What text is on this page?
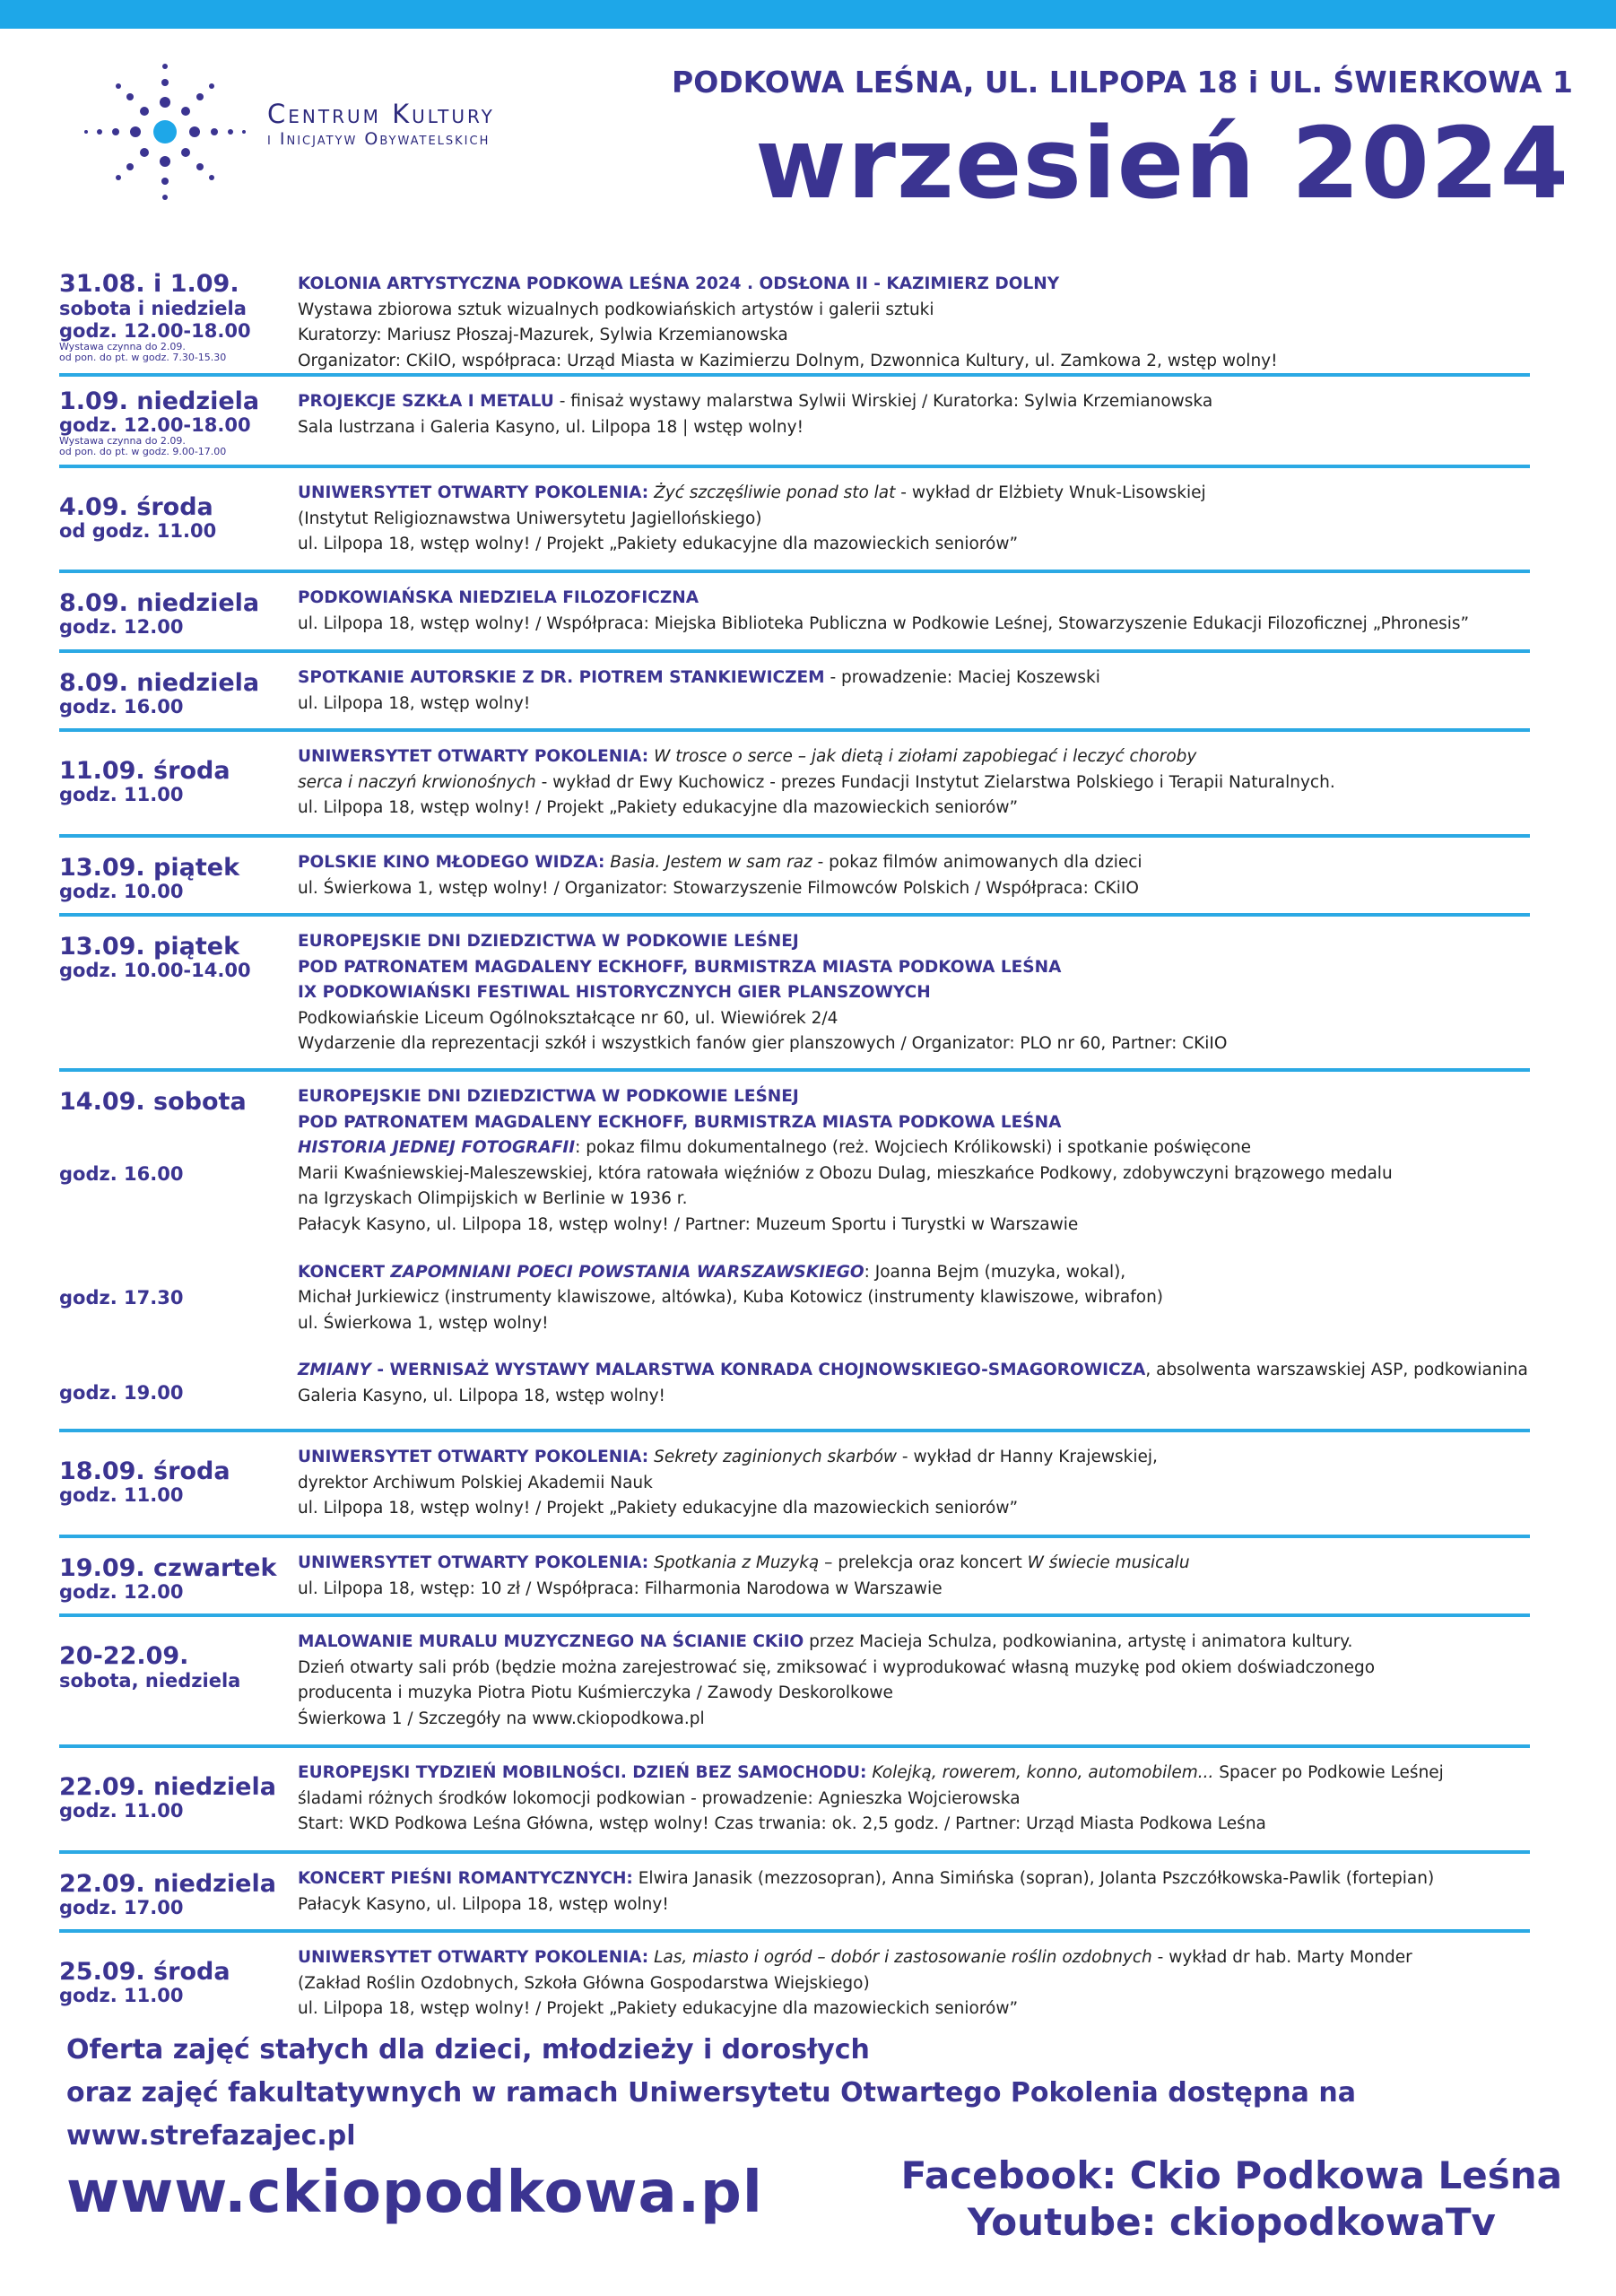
Centrum Kultury
i Inicjatyw Obywatelskich
PODKOWA LEŚNA, UL. LILPOPA 18 i UL. ŚWIERKOWA 1
wrzesień 2024
31.08. i 1.09.
sobota i niedziela
godz. 12.00-18.00
Wystawa czynna do 2.09.
od pon. do pt. w godz. 7.30-15.30
KOLONIA ARTYSTYCZNA PODKOWA LEŚNA 2024 . ODSŁONA II - KAZIMIERZ DOLNY
Wystawa zbiorowa sztuk wizualnych podkowiańskich artystów i galerii sztuki
Kuratorzy: Mariusz Płoszaj-Mazurek, Sylwia Krzemianowska
Organizator: CKiIO, współpraca: Urząd Miasta w Kazimierzu Dolnym, Dzwonnica Kultury, ul. Zamkowa 2, wstęp wolny!
1.09. niedziela
godz. 12.00-18.00
Wystawa czynna do 2.09.
od pon. do pt. w godz. 9.00-17.00
PROJEKCJE SZKŁA I METALU - finisaż wystawy malarstwa Sylwii Wirskiej / Kuratorka: Sylwia Krzemianowska
Sala lustrzana i Galeria Kasyno, ul. Lilpopa 18 | wstęp wolny!
4.09. środa
od godz. 11.00
UNIWERSYTET OTWARTY POKOLENIA: Żyć szczęśliwie ponad sto lat - wykład dr Elżbiety Wnuk-Lisowskiej
(Instytut Religioznawstwa Uniwersytetu Jagiellońskiego)
ul. Lilpopa 18, wstęp wolny! / Projekt „Pakiety edukacyjne dla mazowieckich seniorów”
8.09. niedziela
godz. 12.00
PODKOWIAŃSKA NIEDZIELA FILOZOFICZNA
ul. Lilpopa 18, wstęp wolny! / Współpraca: Miejska Biblioteka Publiczna w Podkowie Leśnej, Stowarzyszenie Edukacji Filozoficznej „Phronesis”
8.09. niedziela
godz. 16.00
SPOTKANIE AUTORSKIE Z DR. PIOTREM STANKIEWICZEM - prowadzenie: Maciej Koszewski
ul. Lilpopa 18, wstęp wolny!
11.09. środa
godz. 11.00
UNIWERSYTET OTWARTY POKOLENIA: W trosce o serce – jak dietą i ziołami zapobiegać i leczyć choroby
serca i naczyń krwionośnych - wykład dr Ewy Kuchowicz - prezes Fundacji Instytut Zielarstwa Polskiego i Terapii Naturalnych.
ul. Lilpopa 18, wstęp wolny! / Projekt „Pakiety edukacyjne dla mazowieckich seniorów”
13.09. piątek
godz. 10.00
POLSKIE KINO MŁODEGO WIDZA: Basia. Jestem w sam raz - pokaz filmów animowanych dla dzieci
ul. Świerkowa 1, wstęp wolny! / Organizator: Stowarzyszenie Filmowców Polskich / Współpraca: CKiIO
13.09. piątek
godz. 10.00-14.00
EUROPEJSKIE DNI DZIEDZICTWA W PODKOWIE LEŚNEJ
POD PATRONATEM MAGDALENY ECKHOFF, BURMISTRZA MIASTA PODKOWA LEŚNA
IX PODKOWIAŃSKI FESTIWAL HISTORYCZNYCH GIER PLANSZOWYCH
Podkowiańskie Liceum Ogólnokształcące nr 60, ul. Wiewiórek 2/4
Wydarzenie dla reprezentacji szkół i wszystkich fanów gier planszowych / Organizator: PLO nr 60, Partner: CKiIO
14.09. sobota
godz. 16.00
godz. 17.30
godz. 19.00
EUROPEJSKIE DNI DZIEDZICTWA W PODKOWIE LEŚNEJ
POD PATRONATEM MAGDALENY ECKHOFF, BURMISTRZA MIASTA PODKOWA LEŚNA
HISTORIA JEDNEJ FOTOGRAFII: pokaz filmu dokumentalnego (reż. Wojciech Królikowski) i spotkanie poświęcone
Marii Kwaśniewskiej-Maleszewskiej, która ratowała więźniów z Obozu Dulag, mieszkańce Podkowy, zdobywczyni brązowego medalu
na Igrzyskach Olimpijskich w Berlinie w 1936 r.
Pałacyk Kasyno, ul. Lilpopa 18, wstęp wolny! / Partner: Muzeum Sportu i Turystki w Warszawie
KONCERT ZAPOMNIANI POECI POWSTANIA WARSZAWSKIEGO: Joanna Bejm (muzyka, wokal),
Michał Jurkiewicz (instrumenty klawiszowe, altówka), Kuba Kotowicz (instrumenty klawiszowe, wibrafon)
ul. Świerkowa 1, wstęp wolny!
ZMIANY - WERNISAŻ WYSTAWY MALARSTWA KONRADA CHOJNOWSKIEGO-SMAGOROWICZA, absolwenta warszawskiej ASP, podkowianina
Galeria Kasyno, ul. Lilpopa 18, wstęp wolny!
18.09. środa
godz. 11.00
UNIWERSYTET OTWARTY POKOLENIA: Sekrety zaginionych skarbów - wykład dr Hanny Krajewskiej,
dyrektor Archiwum Polskiej Akademii Nauk
ul. Lilpopa 18, wstęp wolny! / Projekt „Pakiety edukacyjne dla mazowieckich seniorów”
19.09. czwartek
godz. 12.00
UNIWERSYTET OTWARTY POKOLENIA: Spotkania z Muzyką – prelekcja oraz koncert W świecie musicalu
ul. Lilpopa 18, wstęp: 10 zł / Współpraca: Filharmonia Narodowa w Warszawie
20-22.09.
sobota, niedziela
MALOWANIE MURALU MUZYCZNEGO NA ŚCIANIE CKiIO przez Macieja Schulza, podkowianina, artystę i animatora kultury.
Dzień otwarty sali prób (będzie można zarejestrować się, zmiksować i wyprodukować własną muzykę pod okiem doświadczonego
producenta i muzyka Piotra Piotu Kuśmierczyka / Zawody Deskorolkowe
Świerkowa 1 / Szczegóły na www.ckiopodkowa.pl
22.09. niedziela
godz. 11.00
EUROPEJSKI TYDZIEŃ MOBILNOŚCI. DZIEŃ BEZ SAMOCHODU: Kolejką, rowerem, konno, automobilem... Spacer po Podkowie Leśnej
śladami różnych środków lokomocji podkowian - prowadzenie: Agnieszka Wojcierowska
Start: WKD Podkowa Leśna Główna, wstęp wolny! Czas trwania: ok. 2,5 godz. / Partner: Urząd Miasta Podkowa Leśna
22.09. niedziela
godz. 17.00
KONCERT PIEŚNI ROMANTYCZNYCH: Elwira Janasik (mezzosopran), Anna Simińska (sopran), Jolanta Pszczółkowska-Pawlik (fortepian)
Pałacyk Kasyno, ul. Lilpopa 18, wstęp wolny!
25.09. środa
godz. 11.00
UNIWERSYTET OTWARTY POKOLENIA: Las, miasto i ogród – dobór i zastosowanie roślin ozdobnych - wykład dr hab. Marty Monder
(Zakład Roślin Ozdobnych, Szkoła Główna Gospodarstwa Wiejskiego)
ul. Lilpopa 18, wstęp wolny! / Projekt „Pakiety edukacyjne dla mazowieckich seniorów”
Oferta zajęć stałych dla dzieci, młodzieży i dorosłych
oraz zajęć fakultatywnych w ramach Uniwersytetu Otwartego Pokolenia dostępna na www.strefazajec.pl
www.ckiopodkowa.pl	Facebook: Ckio Podkowa Leśna
Youtube: ckiopodkowaTv
